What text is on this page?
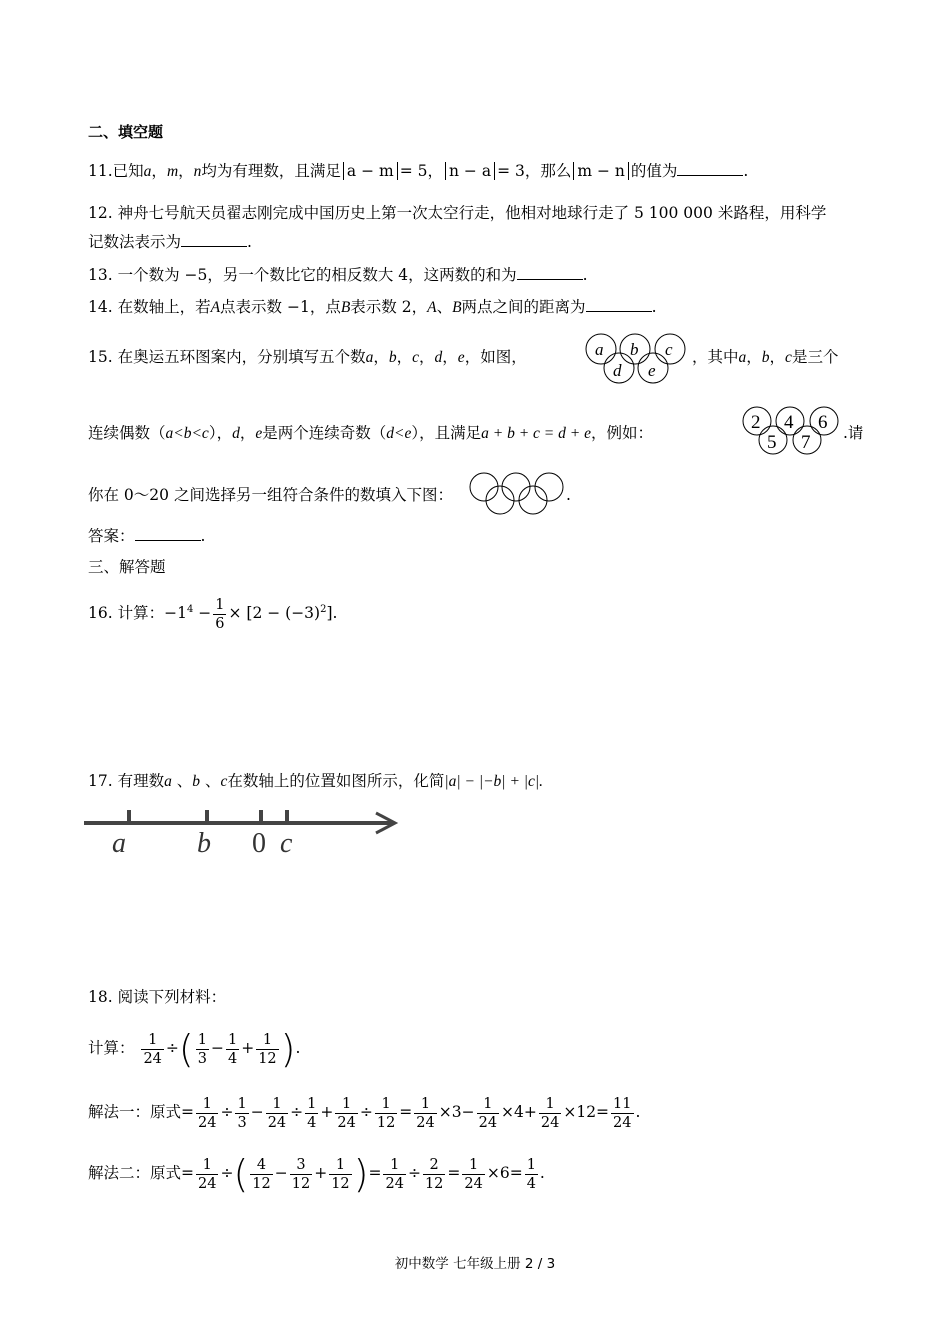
二、填空题
11.已知a，m，n均为有理数，且满足 a − m = 5， n − a = 3，那么 m − n 的值为	.
12. 神舟七号航天员翟志刚完成中国历史上第一次太空行走，他相对地球行走了 5 100 000 米路程，用科学
记数法表示为	.
13. 一个数为 −5，另一个数比它的相反数大 4，这两数的和为	.
14. 在数轴上，若A点表示数 −1，点B表示数 2，A、B两点之间的距离为	.
15. 在奥运五环图案内，分别填写五个数a，b，c，d，e，如图，	a b c
d e
，其中a，b，c是三个
连续偶数（a<b<c），d，e是两个连续奇数（d<e），且满足a + b + c = d + e，例如：	2 4 6
5 7 .请
你在 0～20 之间选择另一组符合条件的数填入下图：	.
答案：	.
三、解答题
16. 计算：$-1^4 - \frac{1}{6} \times [2 - (-3)^2]$.
17. 有理数a 、b 、c在数轴上的位置如图所示，化简|a| − |−b| + |c|.
a	b 0 c
18. 阅读下列材料：
计算： $\frac{1}{24}$ ÷( $\frac{1}{3} - \frac{1}{4} + \frac{1}{12}$ ).
解法一：原式= $\frac{1}{24} \div \frac{1}{3} - \frac{1}{24} \div \frac{1}{4} + \frac{1}{24} \div \frac{1}{12} = \frac{1}{24} \times 3- \frac{1}{24} \times 4+ \frac{1}{24} \times 12= \frac{11}{24}$ .
解法二：原式= $\frac{1}{24}$ ÷( $\frac{4}{12} - \frac{3}{12} + \frac{1}{12}$ )= $\frac{1}{24} \div \frac{2}{12} = \frac{1}{24} \times 6= \frac{1}{4}$ .
初中数学 七年级上册 2 / 3
